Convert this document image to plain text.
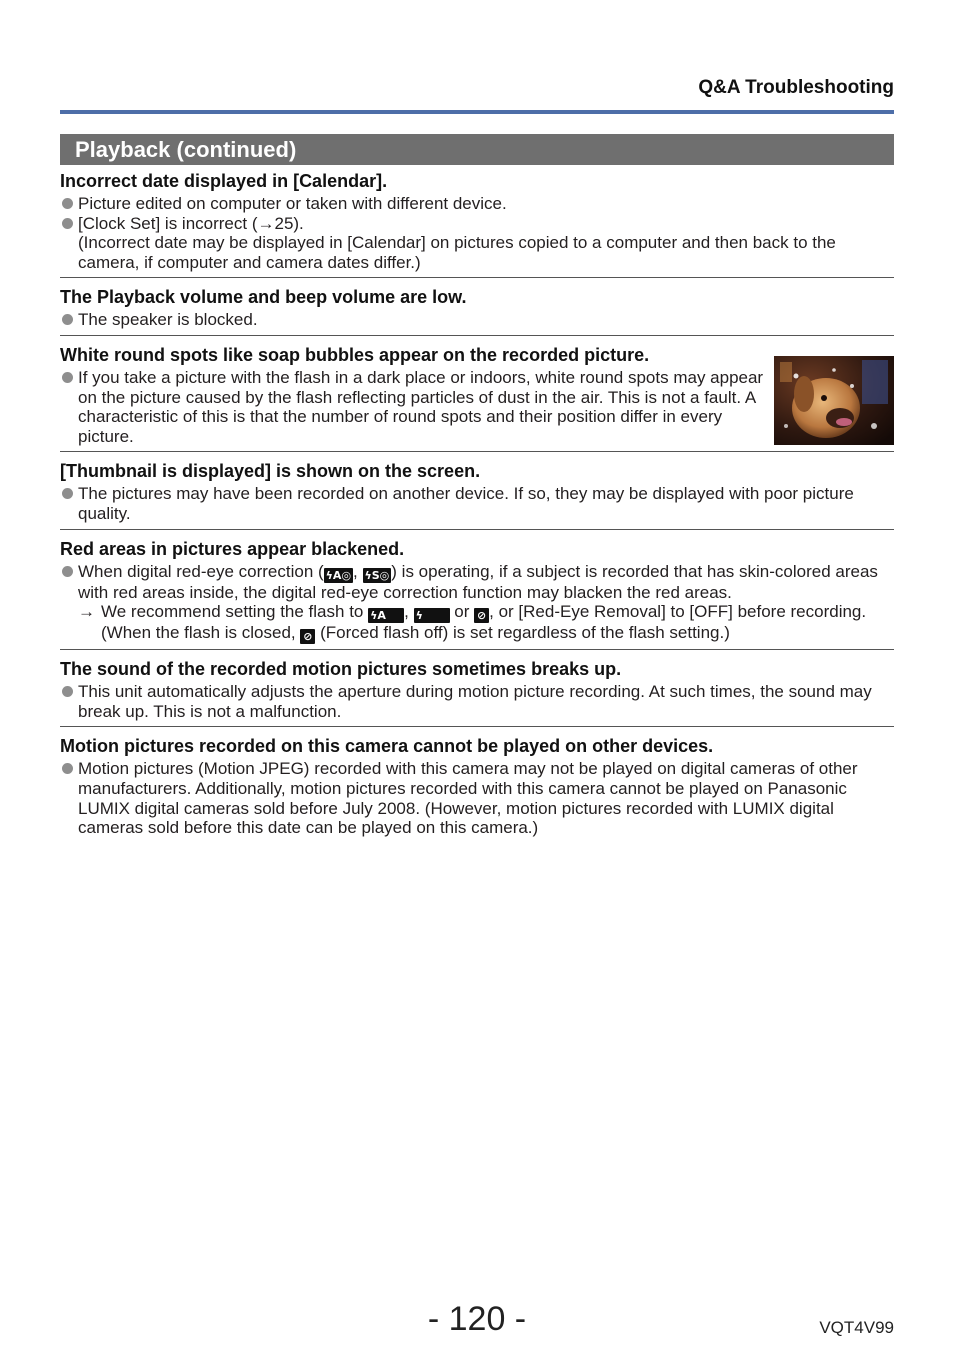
Q&A Troubleshooting
Playback (continued)
Incorrect date displayed in [Calendar].
Picture edited on computer or taken with different device.
[Clock Set] is incorrect (→25).
(Incorrect date may be displayed in [Calendar] on pictures copied to a computer and then back to the camera, if computer and camera dates differ.)
The Playback volume and beep volume are low.
The speaker is blocked.
White round spots like soap bubbles appear on the recorded picture.
If you take a picture with the flash in a dark place or indoors, white round spots may appear on the picture caused by the flash reflecting particles of dust in the air. This is not a fault. A characteristic of this is that the number of round spots and their position differ in every picture.
[Thumbnail is displayed] is shown on the screen.
The pictures may have been recorded on another device. If so, they may be displayed with poor picture quality.
Red areas in pictures appear blackened.
When digital red-eye correction ( ϟA◎ , ϟS◎ ) is operating, if a subject is recorded that has skin-colored areas with red areas inside, the digital red-eye correction function may blacken the red areas.
→ We recommend setting the flash to ϟA , ϟ or ⊘ , or [Red-Eye Removal] to [OFF] before recording. (When the flash is closed, ⊘ (Forced flash off) is set regardless of the flash setting.)
The sound of the recorded motion pictures sometimes breaks up.
This unit automatically adjusts the aperture during motion picture recording. At such times, the sound may break up. This is not a malfunction.
Motion pictures recorded on this camera cannot be played on other devices.
Motion pictures (Motion JPEG) recorded with this camera may not be played on digital cameras of other manufacturers. Additionally, motion pictures recorded with this camera cannot be played on Panasonic LUMIX digital cameras sold before July 2008. (However, motion pictures recorded with LUMIX digital cameras sold before this date can be played on this camera.)
- 120 -	VQT4V99
